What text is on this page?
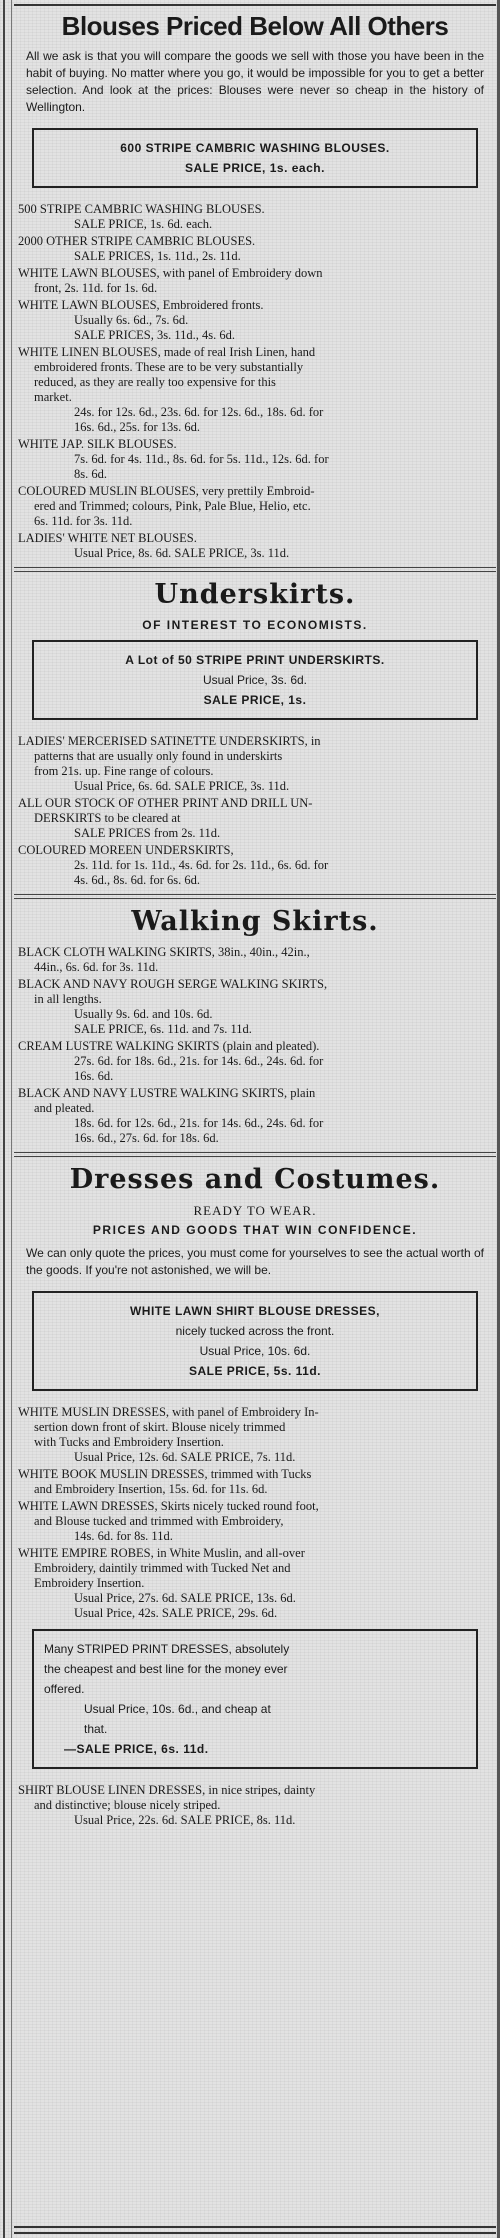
Blouses Priced Below All Others

All we ask is that you will compare the goods we sell with those you have been in the habit of buying. No matter where you go, it would be impossible for you to get a better selection. And look at the prices: Blouses were never so cheap in the history of Wellington.

600 STRIPE CAMBRIC WASHING BLOUSES.
SALE PRICE, 1s. each.
500 STRIPE CAMBRIC WASHING BLOUSES.
SALE PRICE, 1s. 6d. each.
2000 OTHER STRIPE CAMBRIC BLOUSES.
SALE PRICES, 1s. 11d., 2s. 11d.
WHITE LAWN BLOUSES, with panel of Embroidery down
front, 2s. 11d. for 1s. 6d.
WHITE LAWN BLOUSES, Embroidered fronts.
Usually 6s. 6d., 7s. 6d.
SALE PRICES, 3s. 11d., 4s. 6d.
WHITE LINEN BLOUSES, made of real Irish Linen, hand
embroidered fronts. These are to be very substantially
reduced, as they are really too expensive for this
market.
24s. for 12s. 6d., 23s. 6d. for 12s. 6d., 18s. 6d. for
16s. 6d., 25s. for 13s. 6d.
WHITE JAP. SILK BLOUSES.
7s. 6d. for 4s. 11d., 8s. 6d. for 5s. 11d., 12s. 6d. for
8s. 6d.
COLOURED MUSLIN BLOUSES, very prettily Embroid-
ered and Trimmed; colours, Pink, Pale Blue, Helio, etc.
6s. 11d. for 3s. 11d.
LADIES' WHITE NET BLOUSES.
Usual Price, 8s. 6d. SALE PRICE, 3s. 11d.
Underskirts.
OF INTEREST TO ECONOMISTS.
A Lot of 50 STRIPE PRINT UNDERSKIRTS.
Usual Price, 3s. 6d.
SALE PRICE, 1s.
LADIES' MERCERISED SATINETTE UNDERSKIRTS, in
patterns that are usually only found in underskirts
from 21s. up. Fine range of colours.
Usual Price, 6s. 6d. SALE PRICE, 3s. 11d.
ALL OUR STOCK OF OTHER PRINT AND DRILL UN-
DERSKIRTS to be cleared at
SALE PRICES from 2s. 11d.
COLOURED MOREEN UNDERSKIRTS,
2s. 11d. for 1s. 11d., 4s. 6d. for 2s. 11d., 6s. 6d. for
4s. 6d., 8s. 6d. for 6s. 6d.
Walking Skirts.
BLACK CLOTH WALKING SKIRTS, 38in., 40in., 42in.,
44in., 6s. 6d. for 3s. 11d.
BLACK AND NAVY ROUGH SERGE WALKING SKIRTS,
in all lengths.
Usually 9s. 6d. and 10s. 6d.
SALE PRICE, 6s. 11d. and 7s. 11d.
CREAM LUSTRE WALKING SKIRTS (plain and pleated).
27s. 6d. for 18s. 6d., 21s. for 14s. 6d., 24s. 6d. for
16s. 6d.
BLACK AND NAVY LUSTRE WALKING SKIRTS, plain
and pleated.
18s. 6d. for 12s. 6d., 21s. for 14s. 6d., 24s. 6d. for
16s. 6d., 27s. 6d. for 18s. 6d.
Dresses and Costumes.
READY TO WEAR.
PRICES AND GOODS THAT WIN CONFIDENCE.

We can only quote the prices, you must come for yourselves to see the actual worth of the goods. If you're not astonished, we will be.

WHITE LAWN SHIRT BLOUSE DRESSES,
nicely tucked across the front.
Usual Price, 10s. 6d.
SALE PRICE, 5s. 11d.
WHITE MUSLIN DRESSES, with panel of Embroidery In-
sertion down front of skirt. Blouse nicely trimmed
with Tucks and Embroidery Insertion.
Usual Price, 12s. 6d. SALE PRICE, 7s. 11d.
WHITE BOOK MUSLIN DRESSES, trimmed with Tucks
and Embroidery Insertion, 15s. 6d. for 11s. 6d.
WHITE LAWN DRESSES, Skirts nicely tucked round foot,
and Blouse tucked and trimmed with Embroidery,
14s. 6d. for 8s. 11d.
WHITE EMPIRE ROBES, in White Muslin, and all-over
Embroidery, daintily trimmed with Tucked Net and
Embroidery Insertion.
Usual Price, 27s. 6d. SALE PRICE, 13s. 6d.
Usual Price, 42s. SALE PRICE, 29s. 6d.
Many STRIPED PRINT DRESSES, absolutely
the cheapest and best line for the money ever
offered.
Usual Price, 10s. 6d., and cheap at
that.
—SALE PRICE, 6s. 11d.
SHIRT BLOUSE LINEN DRESSES, in nice stripes, dainty
and distinctive; blouse nicely striped.
Usual Price, 22s. 6d. SALE PRICE, 8s. 11d.
